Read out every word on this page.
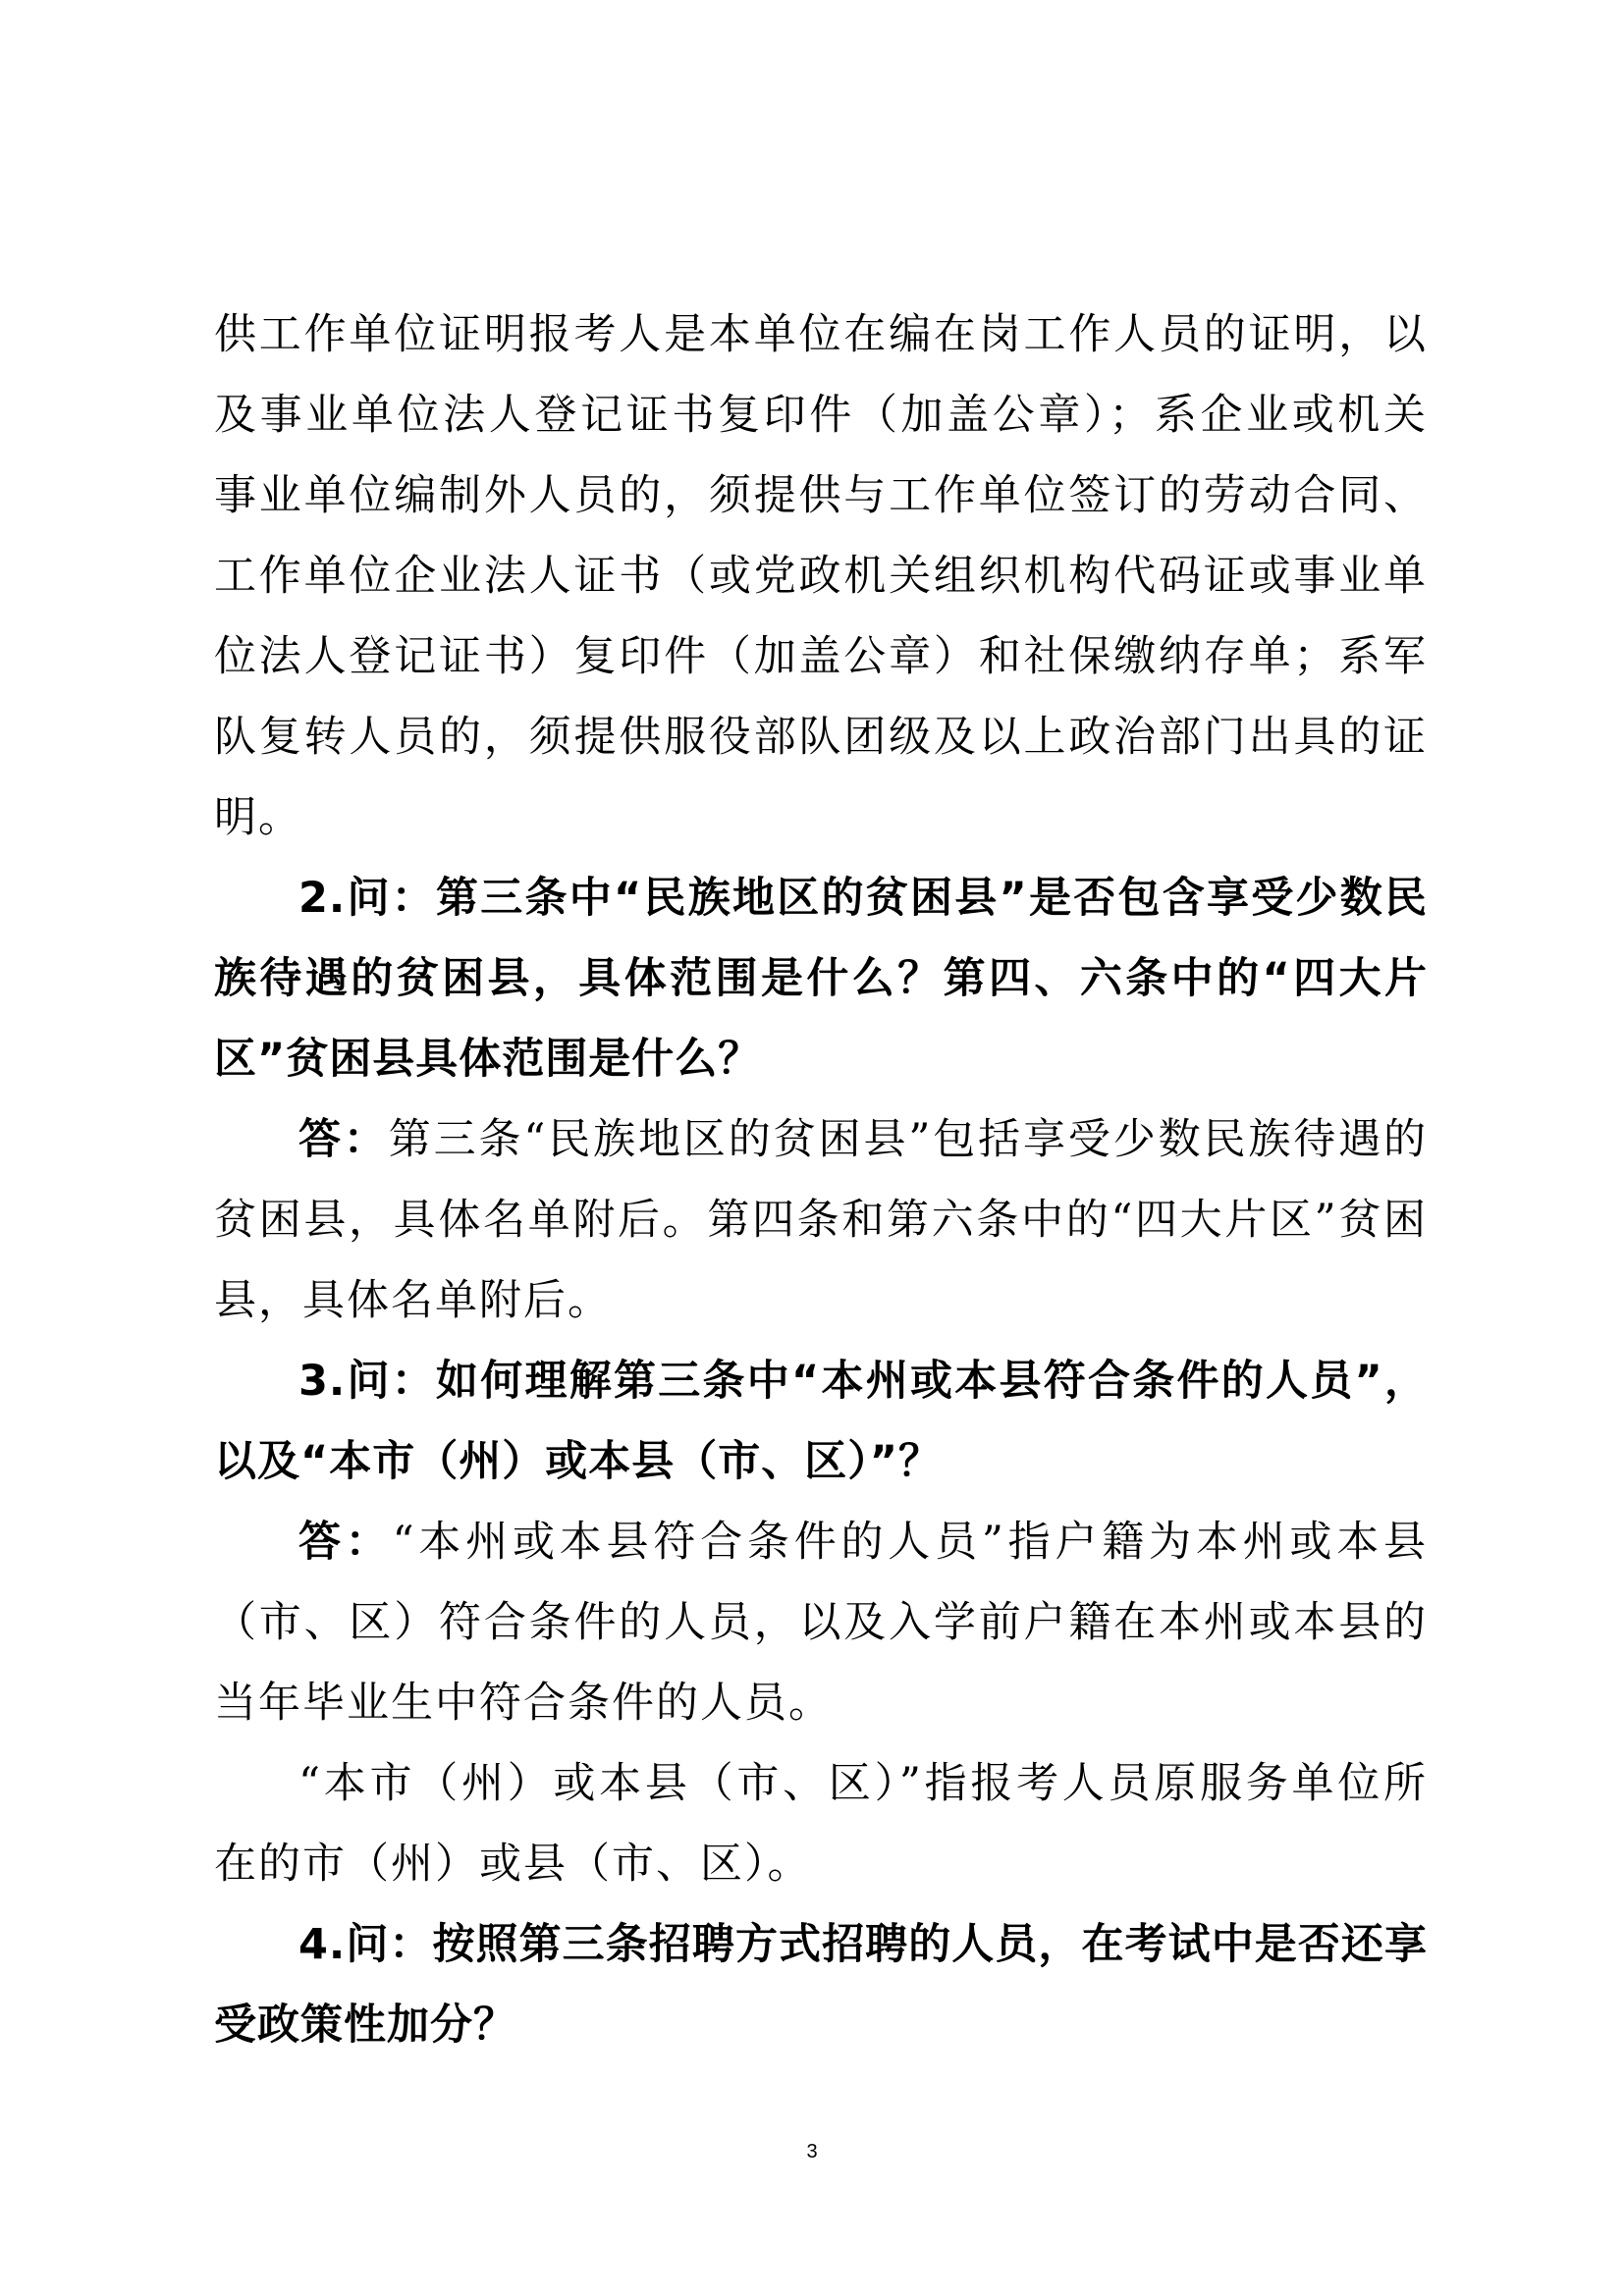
供工作单位证明报考人是本单位在编在岗工作人员的证明，以及事业单位法人登记证书复印件（加盖公章）；系企业或机关事业单位编制外人员的，须提供与工作单位签订的劳动合同、工作单位企业法人证书（或党政机关组织机构代码证或事业单位法人登记证书）复印件（加盖公章）和社保缴纳存单；系军队复转人员的，须提供服役部队团级及以上政治部门出具的证明。

2.问：第三条中“民族地区的贫困县”是否包含享受少数民族待遇的贫困县，具体范围是什么？第四、六条中的“四大片区”贫困县具体范围是什么？

答：第三条“民族地区的贫困县”包括享受少数民族待遇的贫困县，具体名单附后。第四条和第六条中的“四大片区”贫困县，具体名单附后。

3.问：如何理解第三条中“本州或本县符合条件的人员”，以及“本市（州）或本县（市、区）”？

答：“本州或本县符合条件的人员”指户籍为本州或本县（市、区）符合条件的人员，以及入学前户籍在本州或本县的当年毕业生中符合条件的人员。

“本市（州）或本县（市、区）”指报考人员原服务单位所在的市（州）或县（市、区）。

4.问：按照第三条招聘方式招聘的人员，在考试中是否还享受政策性加分？

3
